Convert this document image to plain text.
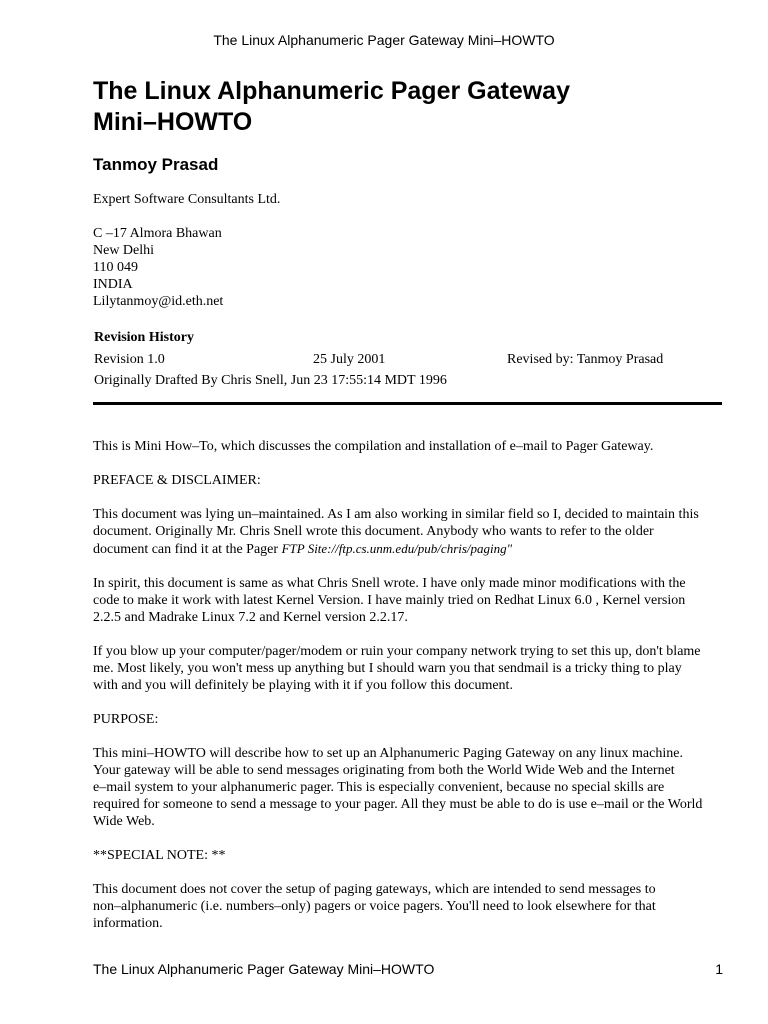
The Linux Alphanumeric Pager Gateway Mini–HOWTO
The Linux Alphanumeric Pager Gateway
Mini–HOWTO
Tanmoy Prasad
Expert Software Consultants Ltd.
C –17 Almora Bhawan
New Delhi
110 049
INDIA
Lilytanmoy@id.eth.net
Revision History
Revision 1.0	25 July 2001	Revised by: Tanmoy Prasad
Originally Drafted By Chris Snell, Jun 23 17:55:14 MDT 1996

This is Mini How–To, which discusses the compilation and installation of e–mail to Pager Gateway.

PREFACE & DISCLAIMER:

This document was lying un–maintained. As I am also working in similar field so I, decided to maintain this
document. Originally Mr. Chris Snell wrote this document. Anybody who wants to refer to the older
document can find it at the Pager FTP Site://ftp.cs.unm.edu/pub/chris/paging"

In spirit, this document is same as what Chris Snell wrote. I have only made minor modifications with the
code to make it work with latest Kernel Version. I have mainly tried on Redhat Linux 6.0 , Kernel version
2.2.5 and Madrake Linux 7.2 and Kernel version 2.2.17.

If you blow up your computer/pager/modem or ruin your company network trying to set this up, don't blame
me. Most likely, you won't mess up anything but I should warn you that sendmail is a tricky thing to play
with and you will definitely be playing with it if you follow this document.

PURPOSE:

This mini–HOWTO will describe how to set up an Alphanumeric Paging Gateway on any linux machine.
Your gateway will be able to send messages originating from both the World Wide Web and the Internet
e–mail system to your alphanumeric pager. This is especially convenient, because no special skills are
required for someone to send a message to your pager. All they must be able to do is use e–mail or the World
Wide Web.

**SPECIAL NOTE: **

This document does not cover the setup of paging gateways, which are intended to send messages to
non–alphanumeric (i.e. numbers–only) pagers or voice pagers. You'll need to look elsewhere for that
information.

The Linux Alphanumeric Pager Gateway Mini–HOWTO	1
